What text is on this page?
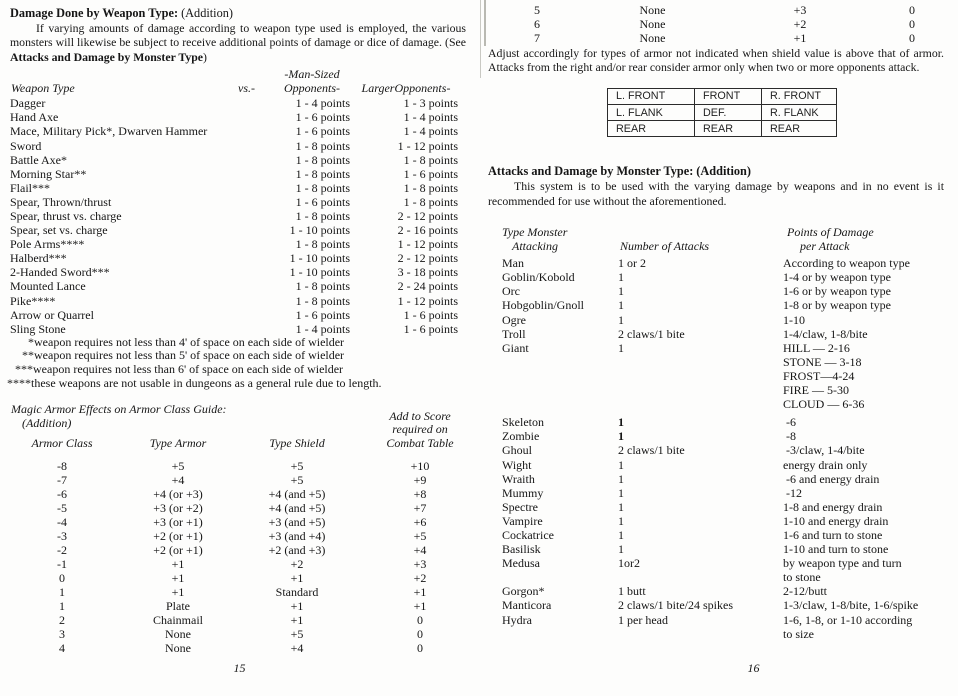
Damage Done by Weapon Type: (Addition)

If varying amounts of damage according to weapon type used is employed, the various monsters will likewise be subject to receive additional points of damage or dice of damage. (See Attacks and Damage by Monster Type)

-Man-Sized
Weapon Type	vs.-	Opponents-	LargerOpponents-
Dagger	1 - 4 points	1 - 3 points
Hand Axe	1 - 6 points	1 - 4 points
Mace, Military Pick*, Dwarven Hammer	1 - 6 points	1 - 4 points
Sword	1 - 8 points	1 - 12 points
Battle Axe*	1 - 8 points	1 - 8 points
Morning Star**	1 - 8 points	1 - 6 points
Flail***	1 - 8 points	1 - 8 points
Spear, Thrown/thrust	1 - 6 points	1 - 8 points
Spear, thrust vs. charge	1 - 8 points	2 - 12 points
Spear, set vs. charge	1 - 10 points	2 - 16 points
Pole Arms****	1 - 8 points	1 - 12 points
Halberd***	1 - 10 points	2 - 12 points
2-Handed Sword***	1 - 10 points	3 - 18 points
Mounted Lance	1 - 8 points	2 - 24 points
Pike****	1 - 8 points	1 - 12 points
Arrow or Quarrel	1 - 6 points	1 - 6 points
Sling Stone	1 - 4 points	1 - 6 points
*weapon requires not less than 4' of space on each side of wielder
**weapon requires not less than 5' of space on each side of wielder
***weapon requires not less than 6' of space on each side of wielder
****these weapons are not usable in dungeons as a general rule due to length.
Magic Armor Effects on Armor Class Guide:
(Addition)	Add to Score
required on
Combat Table
Armor Class	Type Armor	Type Shield
-8	+5	+5	+10
-7	+4	+5	+9
-6	+4 (or +3)	+4 (and +5)	+8
-5	+3 (or +2)	+4 (and +5)	+7
-4	+3 (or +1)	+3 (and +5)	+6
-3	+2 (or +1)	+3 (and +4)	+5
-2	+2 (or +1)	+2 (and +3)	+4
-1	+1	+2	+3
0	+1	+1	+2
1	+1	Standard	+1
1	Plate	+1	+1
2	Chainmail	+1	0
3	None	+5	0
4	None	+4	0
15
5	None	+3	0
6	None	+2	0
7	None	+1	0

Adjust accordingly for types of armor not indicated when shield value is above that of armor. Attacks from the right and/or rear consider armor only when two or more opponents attack.

L. FRONT	FRONT	R. FRONT
L. FLANK	DEF.	R. FLANK
REAR	REAR	REAR
Attacks and Damage by Monster Type: (Addition)

This system is to be used with the varying damage by weapons and in no event is it recommended for use without the aforementioned.

Type Monster
Attacking	Number of Attacks
Points of Damage
per Attack
Man	1 or 2	According to weapon type
Goblin/Kobold	1	1-4 or by weapon type
Orc	1	1-6 or by weapon type
Hobgoblin/Gnoll	1	1-8 or by weapon type
Ogre	1	1-10
Troll	2 claws/1 bite	1-4/claw, 1-8/bite
Giant	1	HILL — 2-16
STONE — 3-18
FROST—4-24
FIRE — 5-30
CLOUD — 6-36
Skeleton	1	-6
Zombie	1	-8
Ghoul	2 claws/1 bite	-3/claw, 1-4/bite
Wight	1	energy drain only
Wraith	1	-6 and energy drain
Mummy	1	-12
Spectre	1	1-8 and energy drain
Vampire	1	1-10 and energy drain
Cockatrice	1	1-6 and turn to stone
Basilisk	1	1-10 and turn to stone
Medusa	1or2	by weapon type and turn
to stone
Gorgon*	1 butt	2-12/butt
Manticora	2 claws/1 bite/24 spikes	1-3/claw, 1-8/bite, 1-6/spike
Hydra	1 per head	1-6, 1-8, or 1-10 according
to size
16
